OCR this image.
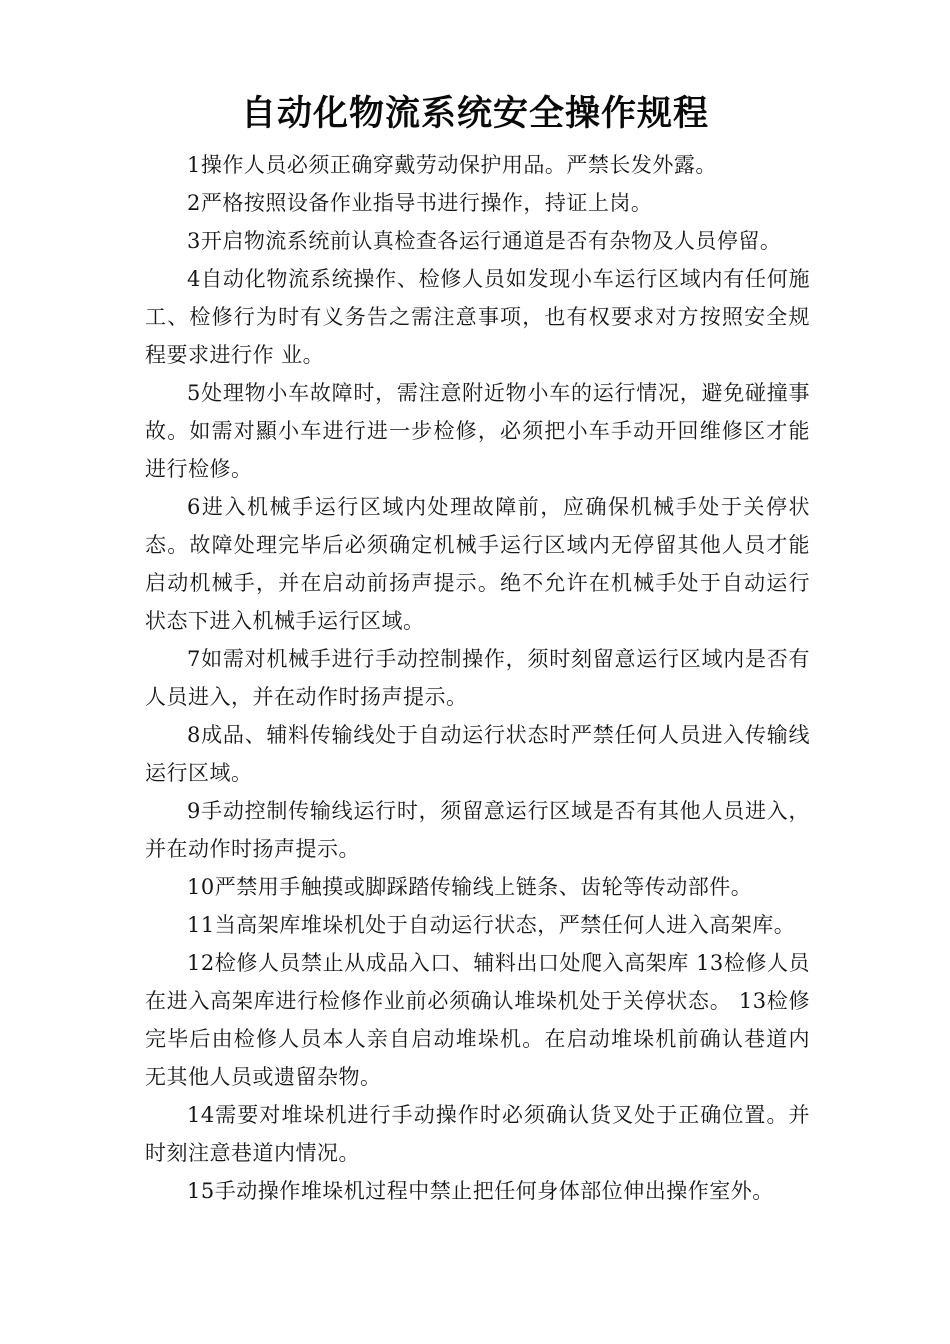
自动化物流系统安全操作规程

1操作人员必须正确穿戴劳动保护用品。严禁长发外露。

2严格按照设备作业指导书进行操作，持证上岗。

3开启物流系统前认真检查各运行通道是否有杂物及人员停留。

4自动化物流系统操作、检修人员如发现小车运行区域内有任何施工、检修行为时有义务告之需注意事项，也有权要求对方按照安全规程要求进行作 业。

5处理物小车故障时，需注意附近物小车的运行情况，避免碰撞事故。如需对顯小车进行进一步检修，必须把小车手动开回维修区才能进行检修。

6进入机械手运行区域内处理故障前，应确保机械手处于关停状态。故障处理完毕后必须确定机械手运行区域内无停留其他人员才能启动机械手，并在启动前扬声提示。绝不允许在机械手处于自动运行状态下进入机械手运行区域。

7如需对机械手进行手动控制操作，须时刻留意运行区域内是否有人员进入，并在动作时扬声提示。

8成品、辅料传输线处于自动运行状态时严禁任何人员进入传输线运行区域。

9手动控制传输线运行时，须留意运行区域是否有其他人员进入，并在动作时扬声提示。

10严禁用手触摸或脚踩踏传输线上链条、齿轮等传动部件。

11当高架库堆垛机处于自动运行状态，严禁任何人进入高架库。

12检修人员禁止从成品入口、辅料出口处爬入高架库 13检修人员在进入高架库进行检修作业前必须确认堆垛机处于关停状态。 13检修完毕后由检修人员本人亲自启动堆垛机。在启动堆垛机前确认巷道内无其他人员或遗留杂物。

14需要对堆垛机进行手动操作时必须确认货叉处于正确位置。并时刻注意巷道内情况。

15手动操作堆垛机过程中禁止把任何身体部位伸出操作室外。
